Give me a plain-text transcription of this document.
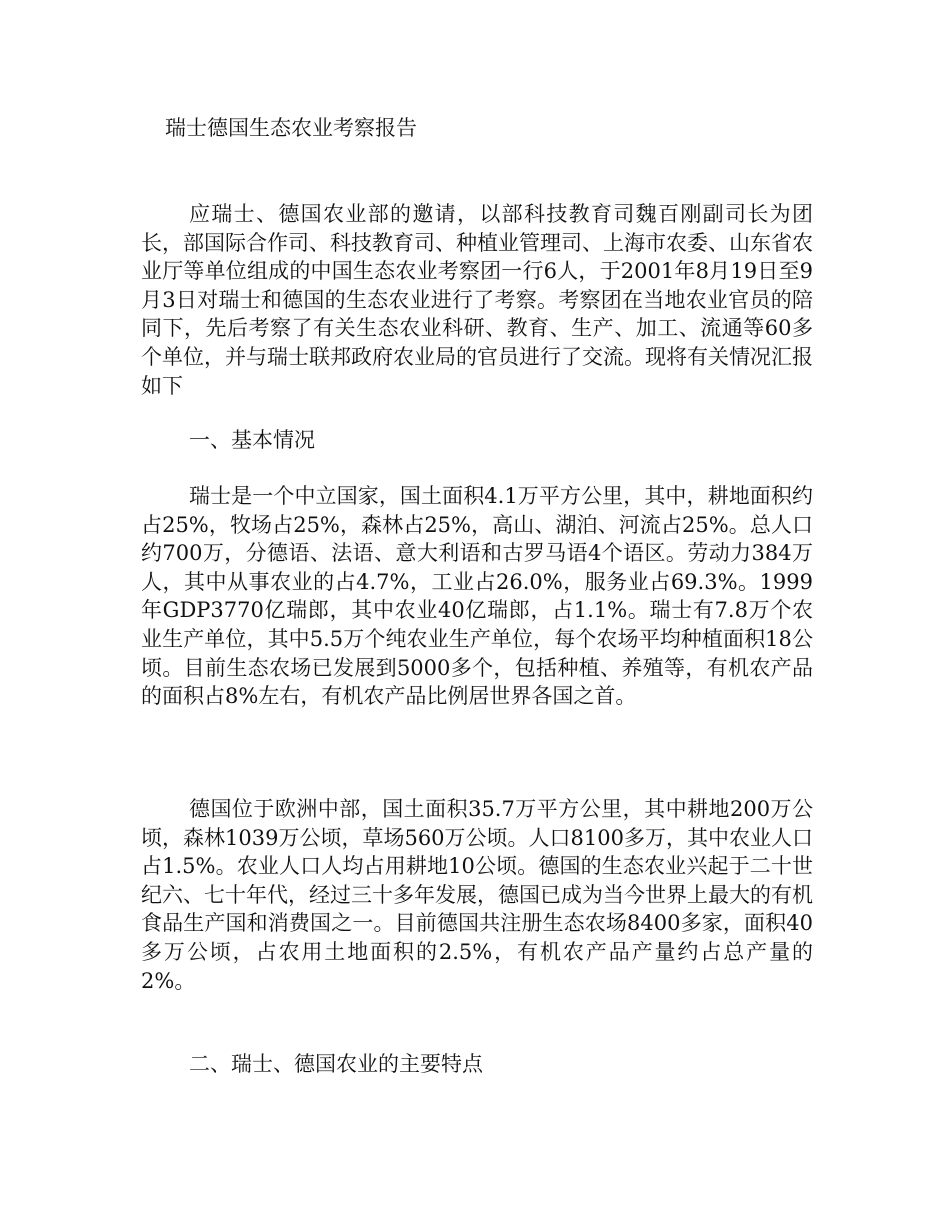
瑞士德国生态农业考察报告

应瑞士、德国农业部的邀请，以部科技教育司魏百刚副司长为团长，部国际合作司、科技教育司、种植业管理司、上海市农委、山东省农业厅等单位组成的中国生态农业考察团一行6人，于2001年8月19日至9月3日对瑞士和德国的生态农业进行了考察。考察团在当地农业官员的陪同下，先后考察了有关生态农业科研、教育、生产、加工、流通等60多个单位，并与瑞士联邦政府农业局的官员进行了交流。现将有关情况汇报如下

一、基本情况

瑞士是一个中立国家，国土面积4.1万平方公里，其中，耕地面积约占25%，牧场占25%，森林占25%，高山、湖泊、河流占25%。总人口约700万，分德语、法语、意大利语和古罗马语4个语区。劳动力384万人，其中从事农业的占4.7%，工业占26.0%，服务业占69.3%。1999年GDP3770亿瑞郎，其中农业40亿瑞郎，占1.1%。瑞士有7.8万个农业生产单位，其中5.5万个纯农业生产单位，每个农场平均种植面积18公顷。目前生态农场已发展到5000多个，包括种植、养殖等，有机农产品的面积占8%左右，有机农产品比例居世界各国之首。

德国位于欧洲中部，国土面积35.7万平方公里，其中耕地200万公顷，森林1039万公顷，草场560万公顷。人口8100多万，其中农业人口占1.5%。农业人口人均占用耕地10公顷。德国的生态农业兴起于二十世纪六、七十年代，经过三十多年发展，德国已成为当今世界上最大的有机食品生产国和消费国之一。目前德国共注册生态农场8400多家，面积40多万公顷，占农用土地面积的2.5%，有机农产品产量约占总产量的2%。

二、瑞士、德国农业的主要特点
